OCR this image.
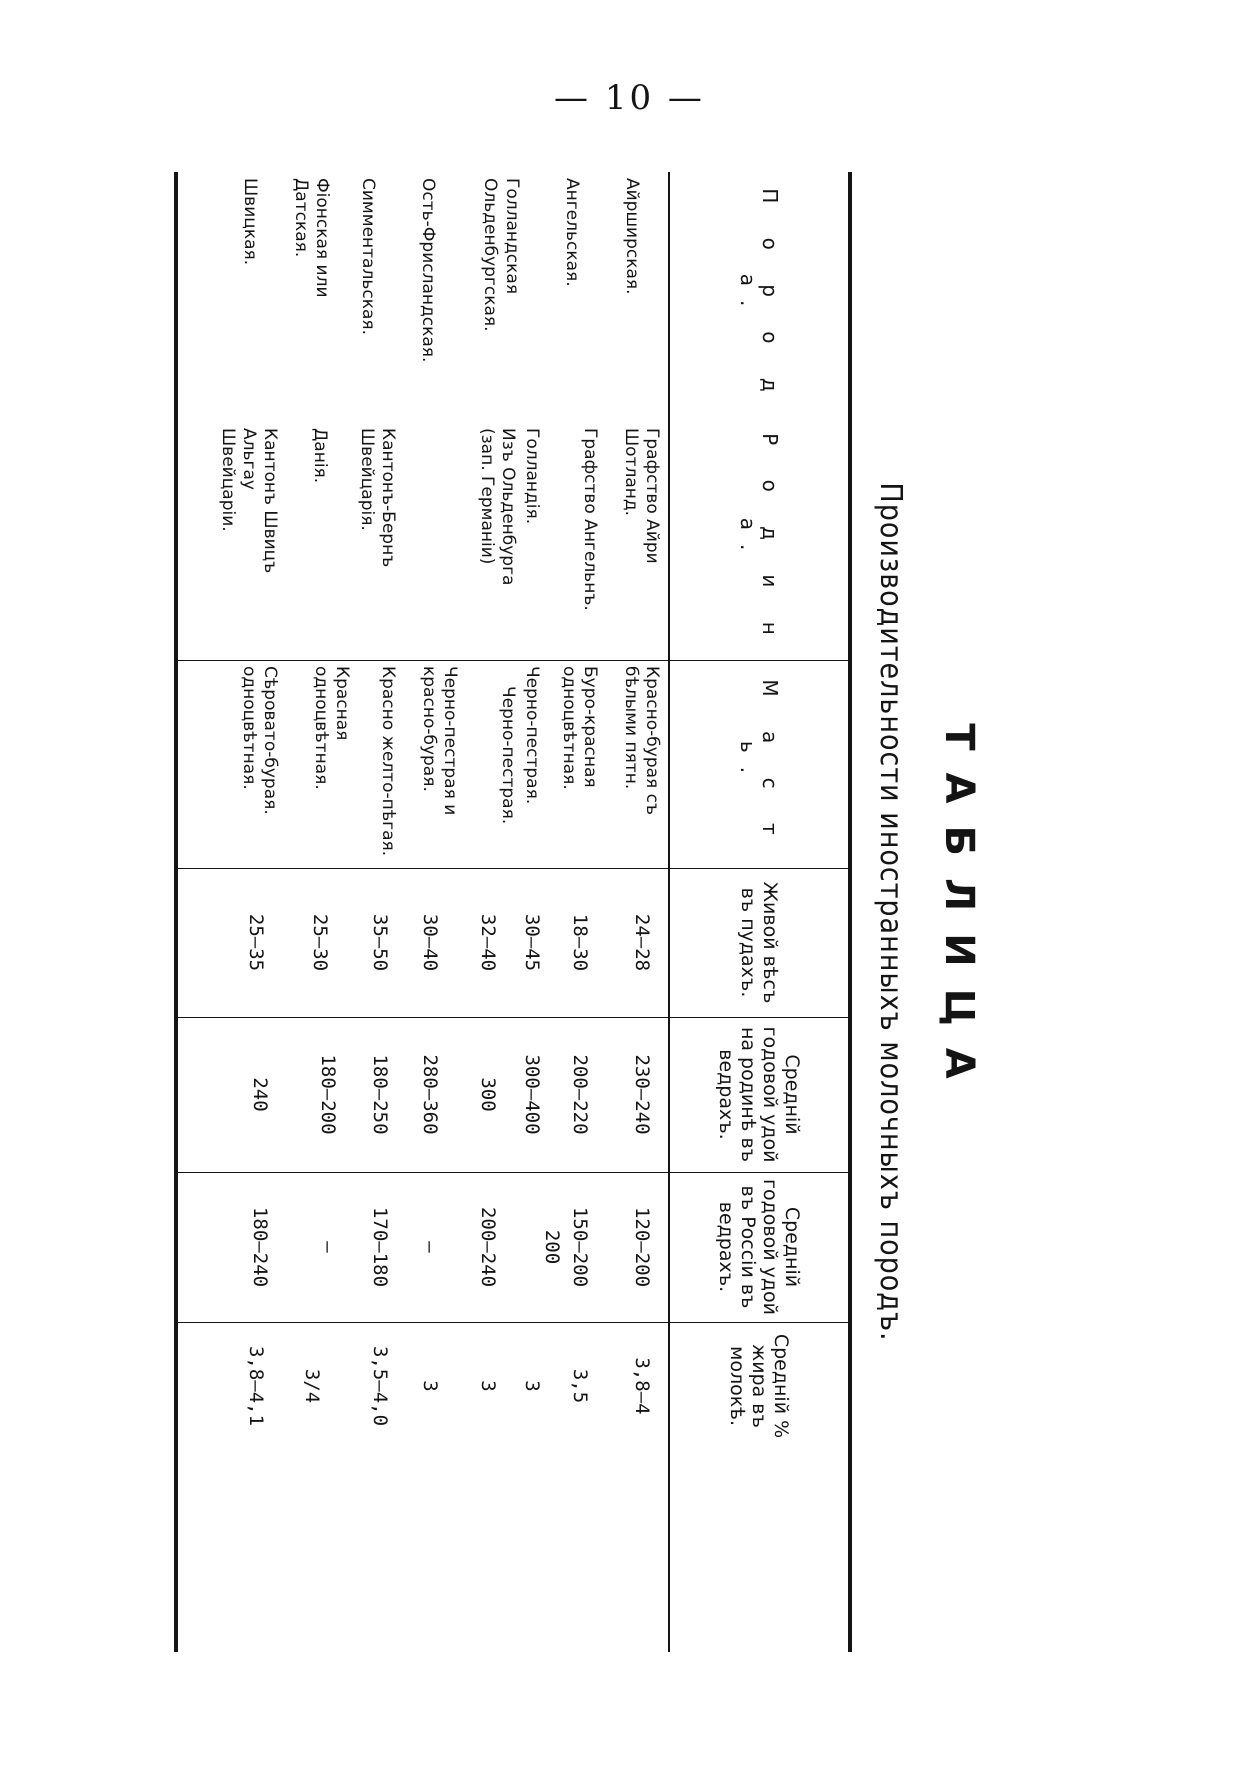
— 10 —
ТАБЛИЦА
Производительности иностранныхъ молочныхъ породъ.
П о р о д а.
Р о д и н а.
М а с т ь.
Живой вѣсъ въ пудахъ.
Средній годовой удой на родинѣ въ ведрахъ.
Средній годовой удой въ Россіи въ ведрахъ.
Средній % жира въ молокѣ.
Айрширская.
Ангельская.
Голландская
Ольденбургская.
Ость-Фрисландская.
Симментальская.
Фіонская или Датская.
Швицкая.
Графство Айри Шотланд.
Графство Ангельнъ.
Голландія.
Изъ Ольденбурга (зап. Германіи)
Кантонъ-Бернъ Швейцарія.
Данія.
Кантонъ Швицъ Альгау Швейцаріи.
Красно-бурая съ бѣлыми пятн.
Буро-красная одноцвѣтная.
Черно-пестрая.
Черно-пестрая.
Черно-пестрая и красно-бурая.
Красно желто-пѣгая.
Красная одноцвѣтная.
Сѣровато-бурая. одноцвѣтная.
24—28
18—30
30—45
32—40
30—40
35—50
25—30
25—35
230—240
200—220
300—400
300
280—360
180—250
180—200
240
120—200
150—200
200
200—240
—
170—180
—
180—240
3,8—4
3,5
3
3
3
3,5—4,0
3/4
3,8—4,1
